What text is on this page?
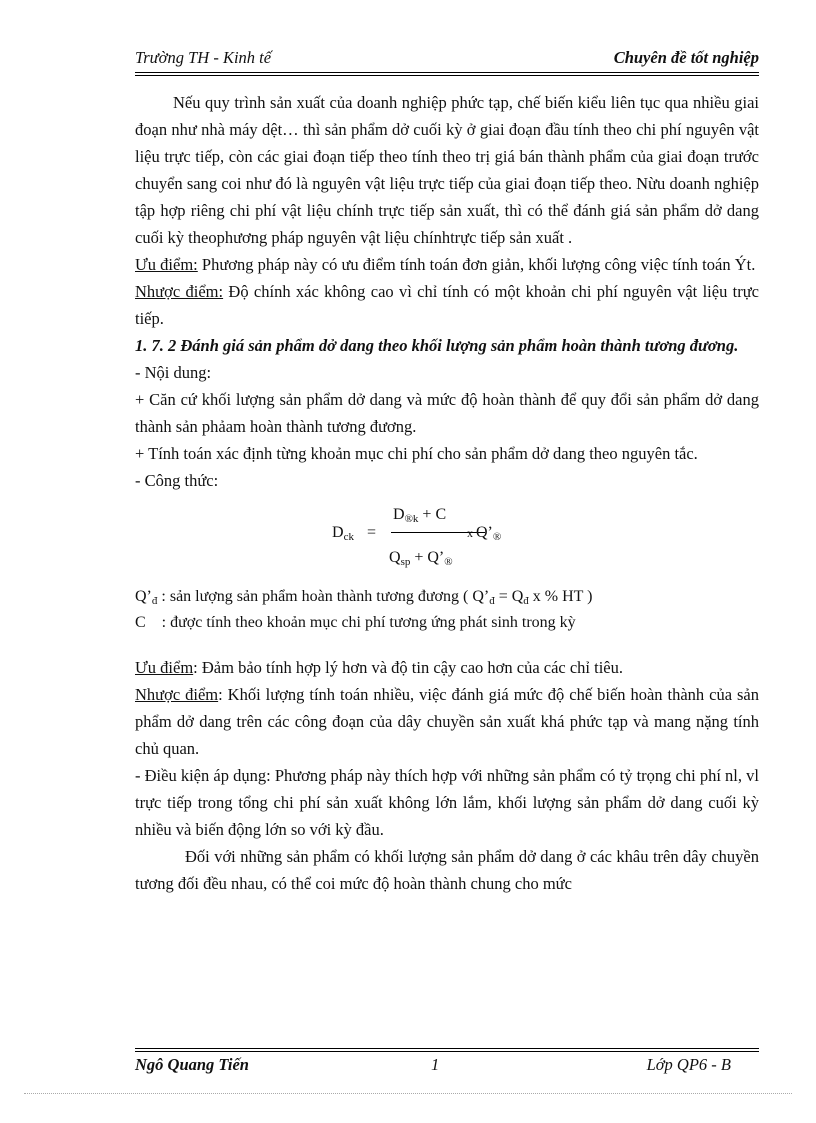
Trường TH - Kinh tế	Chuyên đề tốt nghiệp

Nếu quy trình sản xuất của doanh nghiệp phức tạp, chế biến kiểu liên tục qua nhiều giai đoạn như nhà máy dệt… thì sản phẩm dở cuối kỳ ở giai đoạn đầu tính theo chi phí nguyên vật liệu trực tiếp, còn các giai đoạn tiếp theo tính theo trị giá bán thành phẩm của giai đoạn trước chuyển sang coi như đó là nguyên vật liệu trực tiếp của giai đoạn tiếp theo. Nừu doanh nghiệp tập hợp riêng chi phí vật liệu chính trực tiếp sản xuất, thì có thể đánh giá sản phẩm dở dang cuối kỳ theophương pháp nguyên vật liệu chínhtrực tiếp sản xuất .

Ưu điểm: Phương pháp này có ưu điểm tính toán đơn giản, khối lượng công việc tính toán Ýt.

Nhược điểm: Độ chính xác không cao vì chỉ tính có một khoản chi phí nguyên vật liệu trực tiếp.

1. 7. 2 Đánh giá sản phẩm dở dang theo khối lượng sản phẩm hoàn thành tương đương.

- Nội dung:

+ Căn cứ khối lượng sản phẩm dở dang và mức độ hoàn thành để quy đổi sản phẩm dở dang thành sản phảam hoàn thành tương đương.

+ Tính toán xác định từng khoản mục chi phí cho sản phẩm dở dang theo nguyên tắc.

- Công thức:

$D_{ck}$ =
$D_{®k} + C$
x $Q’_®$
$Q_{sp}$ + $Q’_®$
$Q’_đ$ : sản lượng sản phẩm hoàn thành tương đương ( $Q’_đ = Q_đ$ x % HT )
C    : được tính theo khoản mục chi phí tương ứng phát sinh trong kỳ

Ưu điểm: Đảm bảo tính hợp lý hơn và độ tin cậy cao hơn của các chỉ tiêu.

Nhược điểm: Khối lượng tính toán nhiều, việc đánh giá mức độ chế biến hoàn thành của sản phẩm dở dang trên các công đoạn của dây chuyền sản xuất khá phức tạp và mang nặng tính chủ quan.

- Điều kiện áp dụng: Phương pháp này thích hợp với những sản phẩm có tỷ trọng chi phí nl, vl trực tiếp trong tổng chi phí sản xuất không lớn lắm, khối lượng sản phẩm dở dang cuối kỳ nhiều và biến động lớn so với kỳ đầu.

Đối với những sản phẩm có khối lượng sản phẩm dở dang ở các khâu trên dây chuyền tương đối đều nhau, có thể coi mức độ hoàn thành chung cho mức

Ngô Quang Tiến	1	Lớp QP6 - B
